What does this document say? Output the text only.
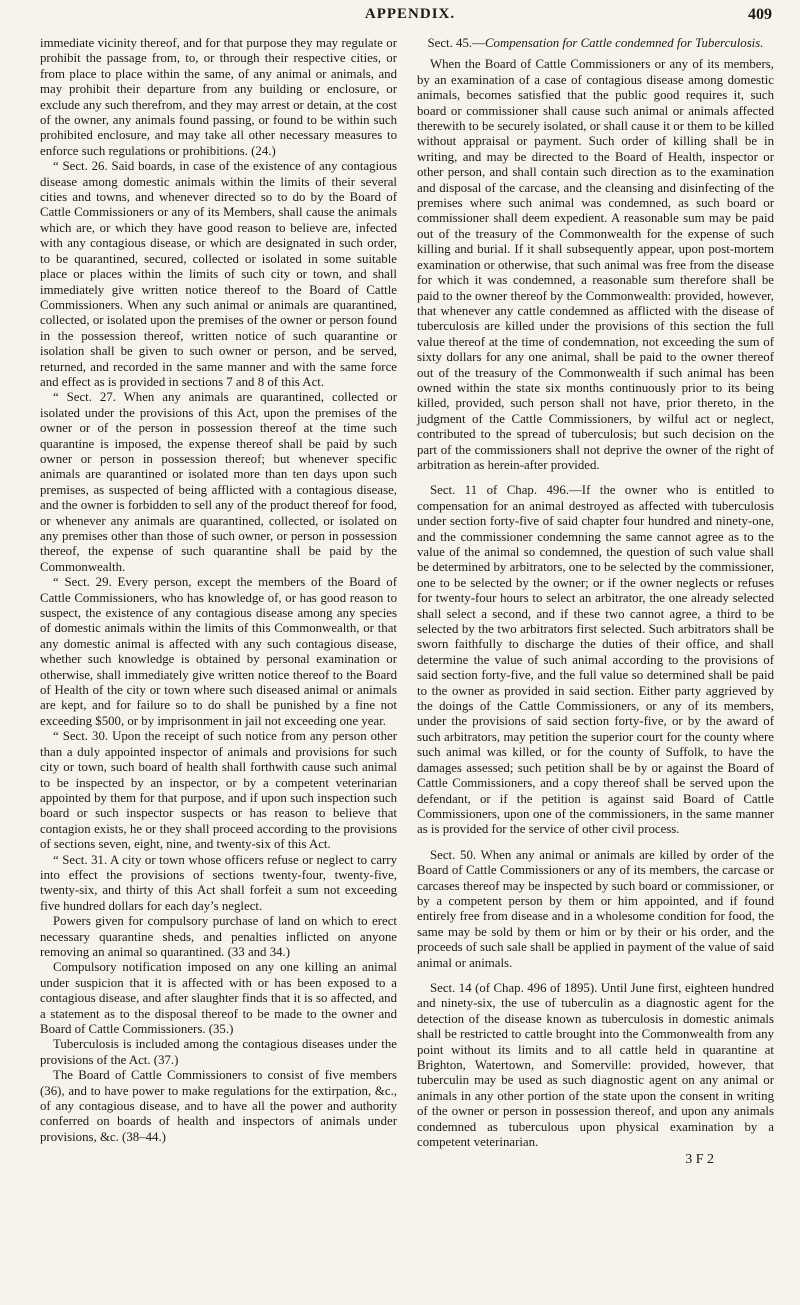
APPENDIX.	409

immediate vicinity thereof, and for that purpose they may regulate or prohibit the passage from, to, or through their respective cities, or from place to place within the same, of any animal or animals, and may prohibit their departure from any building or enclosure, or exclude any such therefrom, and they may arrest or detain, at the cost of the owner, any animals found passing, or found to be within such prohibited enclosure, and may take all other necessary measures to enforce such regulations or prohibitions. (24.)

“ Sect. 26. Said boards, in case of the existence of any contagious disease among domestic animals within the limits of their several cities and towns, and whenever directed so to do by the Board of Cattle Commissioners or any of its Members, shall cause the animals which are, or which they have good reason to believe are, infected with any contagious disease, or which are designated in such order, to be quarantined, secured, collected or isolated in some suitable place or places within the limits of such city or town, and shall immediately give written notice thereof to the Board of Cattle Commissioners. When any such animal or animals are quarantined, collected, or isolated upon the premises of the owner or person found in the possession thereof, written notice of such quarantine or isolation shall be given to such owner or person, and be served, returned, and recorded in the same manner and with the same force and effect as is provided in sections 7 and 8 of this Act.

“ Sect. 27. When any animals are quarantined, collected or isolated under the provisions of this Act, upon the premises of the owner or of the person in possession thereof at the time such quarantine is imposed, the expense thereof shall be paid by such owner or person in possession thereof; but whenever specific animals are quarantined or isolated more than ten days upon such premises, as suspected of being afflicted with a contagious disease, and the owner is forbidden to sell any of the product thereof for food, or whenever any animals are quarantined, collected, or isolated on any premises other than those of such owner, or person in possession thereof, the expense of such quarantine shall be paid by the Commonwealth.

“ Sect. 29. Every person, except the members of the Board of Cattle Commissioners, who has knowledge of, or has good reason to suspect, the existence of any contagious disease among any species of domestic animals within the limits of this Commonwealth, or that any domestic animal is affected with any such contagious disease, whether such knowledge is obtained by personal examination or otherwise, shall immediately give written notice thereof to the Board of Health of the city or town where such diseased animal or animals are kept, and for failure so to do shall be punished by a fine not exceeding $500, or by imprisonment in jail not exceeding one year.

“ Sect. 30. Upon the receipt of such notice from any person other than a duly appointed inspector of animals and provisions for such city or town, such board of health shall forthwith cause such animal to be inspected by an inspector, or by a competent veterinarian appointed by them for that purpose, and if upon such inspection such board or such inspector suspects or has reason to believe that contagion exists, he or they shall proceed according to the provisions of sections seven, eight, nine, and twenty-six of this Act.

“ Sect. 31. A city or town whose officers refuse or neglect to carry into effect the provisions of sections twenty-four, twenty-five, twenty-six, and thirty of this Act shall forfeit a sum not exceeding five hundred dollars for each day’s neglect.

Powers given for compulsory purchase of land on which to erect necessary quarantine sheds, and penalties inflicted on anyone removing an animal so quarantined. (33 and 34.)

Compulsory notification imposed on any one killing an animal under suspicion that it is affected with or has been exposed to a contagious disease, and after slaughter finds that it is so affected, and a statement as to the disposal thereof to be made to the owner and Board of Cattle Commissioners. (35.)

Tuberculosis is included among the contagious diseases under the provisions of the Act. (37.)

The Board of Cattle Commissioners to consist of five members (36), and to have power to make regulations for the extirpation, &c., of any contagious disease, and to have all the power and authority conferred on boards of health and inspectors of animals under provisions, &c. (38–44.)

Sect. 45.—Compensation for Cattle condemned for Tuberculosis.

When the Board of Cattle Commissioners or any of its members, by an examination of a case of contagious disease among domestic animals, becomes satisfied that the public good requires it, such board or commissioner shall cause such animal or animals affected therewith to be securely isolated, or shall cause it or them to be killed without appraisal or payment. Such order of killing shall be in writing, and may be directed to the Board of Health, inspector or other person, and shall contain such direction as to the examination and disposal of the carcase, and the cleansing and disinfecting of the premises where such animal was condemned, as such board or commissioner shall deem expedient. A reasonable sum may be paid out of the treasury of the Commonwealth for the expense of such killing and burial. If it shall subsequently appear, upon post-mortem examination or otherwise, that such animal was free from the disease for which it was condemned, a reasonable sum therefore shall be paid to the owner thereof by the Commonwealth: provided, however, that whenever any cattle condemned as afflicted with the disease of tuberculosis are killed under the provisions of this section the full value thereof at the time of condemnation, not exceeding the sum of sixty dollars for any one animal, shall be paid to the owner thereof out of the treasury of the Commonwealth if such animal has been owned within the state six months continuously prior to its being killed, provided, such person shall not have, prior thereto, in the judgment of the Cattle Commissioners, by wilful act or neglect, contributed to the spread of tuberculosis; but such decision on the part of the commissioners shall not deprive the owner of the right of arbitration as herein-after provided.

Sect. 11 of Chap. 496.—If the owner who is entitled to compensation for an animal destroyed as affected with tuberculosis under section forty-five of said chapter four hundred and ninety-one, and the commissioner condemning the same cannot agree as to the value of the animal so condemned, the question of such value shall be determined by arbitrators, one to be selected by the commissioner, one to be selected by the owner; or if the owner neglects or refuses for twenty-four hours to select an arbitrator, the one already selected shall select a second, and if these two cannot agree, a third to be selected by the two arbitrators first selected. Such arbitrators shall be sworn faithfully to discharge the duties of their office, and shall determine the value of such animal according to the provisions of said section forty-five, and the full value so determined shall be paid to the owner as provided in said section. Either party aggrieved by the doings of the Cattle Commissioners, or any of its members, under the provisions of said section forty-five, or by the award of such arbitrators, may petition the superior court for the county where such animal was killed, or for the county of Suffolk, to have the damages assessed; such petition shall be by or against the Board of Cattle Commissioners, and a copy thereof shall be served upon the defendant, or if the petition is against said Board of Cattle Commissioners, upon one of the commissioners, in the same manner as is provided for the service of other civil process.

Sect. 50. When any animal or animals are killed by order of the Board of Cattle Commissioners or any of its members, the carcase or carcases thereof may be inspected by such board or commissioner, or by a competent person by them or him appointed, and if found entirely free from disease and in a wholesome condition for food, the same may be sold by them or him or by their or his order, and the proceeds of such sale shall be applied in payment of the value of said animal or animals.

Sect. 14 (of Chap. 496 of 1895). Until June first, eighteen hundred and ninety-six, the use of tuberculin as a diagnostic agent for the detection of the disease known as tuberculosis in domestic animals shall be restricted to cattle brought into the Commonwealth from any point without its limits and to all cattle held in quarantine at Brighton, Watertown, and Somerville: provided, however, that tuberculin may be used as such diagnostic agent on any animal or animals in any other portion of the state upon the consent in writing of the owner or person in possession thereof, and upon any animals condemned as tuberculous upon physical examination by a competent veterinarian.

3 F 2
